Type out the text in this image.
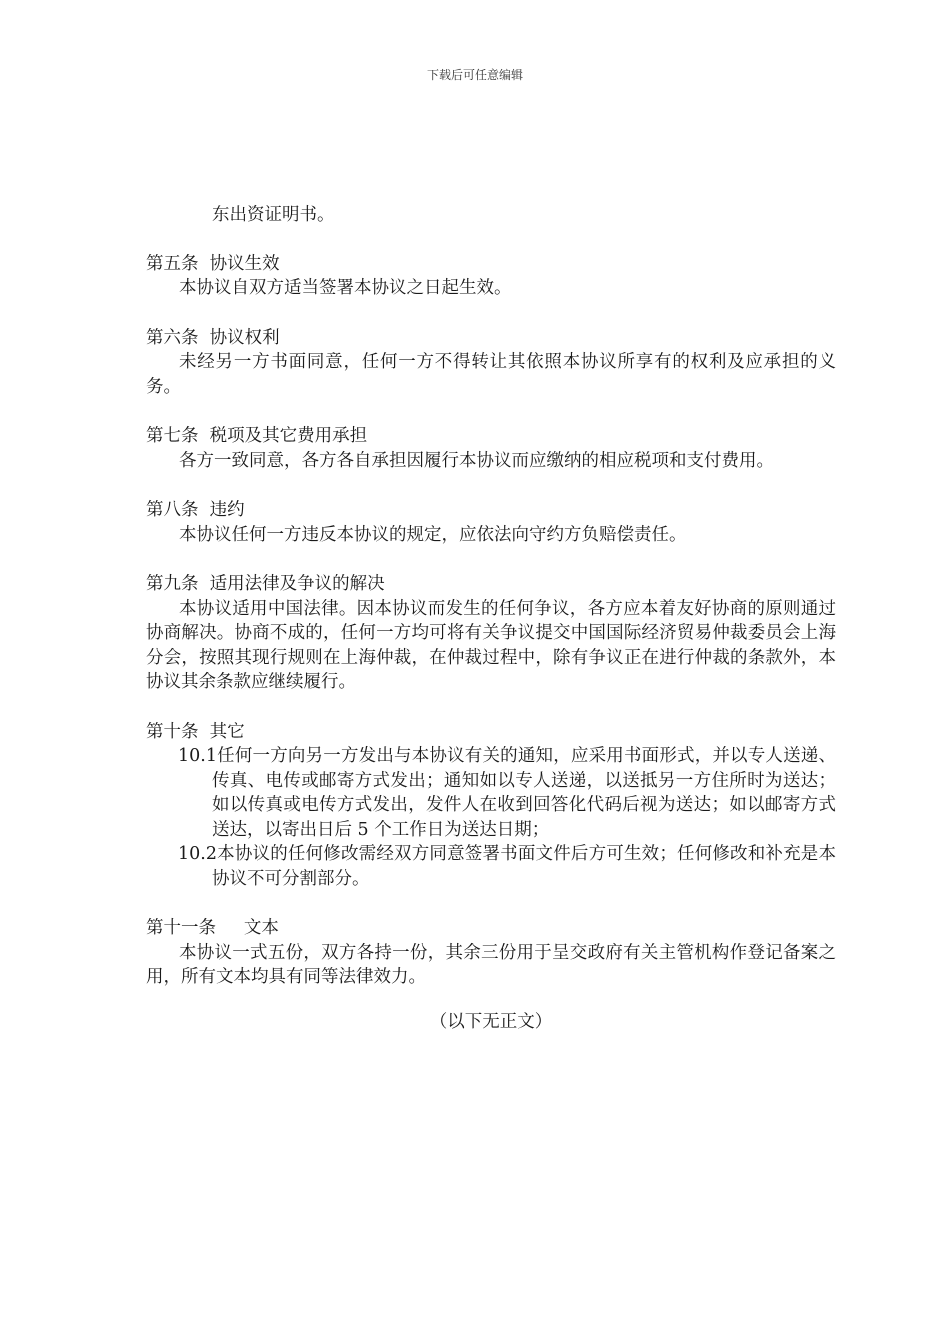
下载后可任意编辑

东出资证明书。

第五条  协议生效

本协议自双方适当签署本协议之日起生效。

第六条  协议权利

未经另一方书面同意，任何一方不得转让其依照本协议所享有的权利及应承担的义务。

第七条  税项及其它费用承担

各方一致同意，各方各自承担因履行本协议而应缴纳的相应税项和支付费用。

第八条  违约

本协议任何一方违反本协议的规定，应依法向守约方负赔偿责任。

第九条  适用法律及争议的解决

本协议适用中国法律。因本协议而发生的任何争议，各方应本着友好协商的原则通过协商解决。协商不成的，任何一方均可将有关争议提交中国国际经济贸易仲裁委员会上海分会，按照其现行规则在上海仲裁，在仲裁过程中，除有争议正在进行仲裁的条款外，本协议其余条款应继续履行。

第十条  其它

10.1任何一方向另一方发出与本协议有关的通知，应采用书面形式，并以专人送递、传真、电传或邮寄方式发出；通知如以专人送递，以送抵另一方住所时为送达；如以传真或电传方式发出，发件人在收到回答化代码后视为送达；如以邮寄方式送达，以寄出日后 5 个工作日为送达日期；

10.2本协议的任何修改需经双方同意签署书面文件后方可生效；任何修改和补充是本协议不可分割部分。

第十一条     文本

本协议一式五份，双方各持一份，其余三份用于呈交政府有关主管机构作登记备案之用，所有文本均具有同等法律效力。

（以下无正文）
